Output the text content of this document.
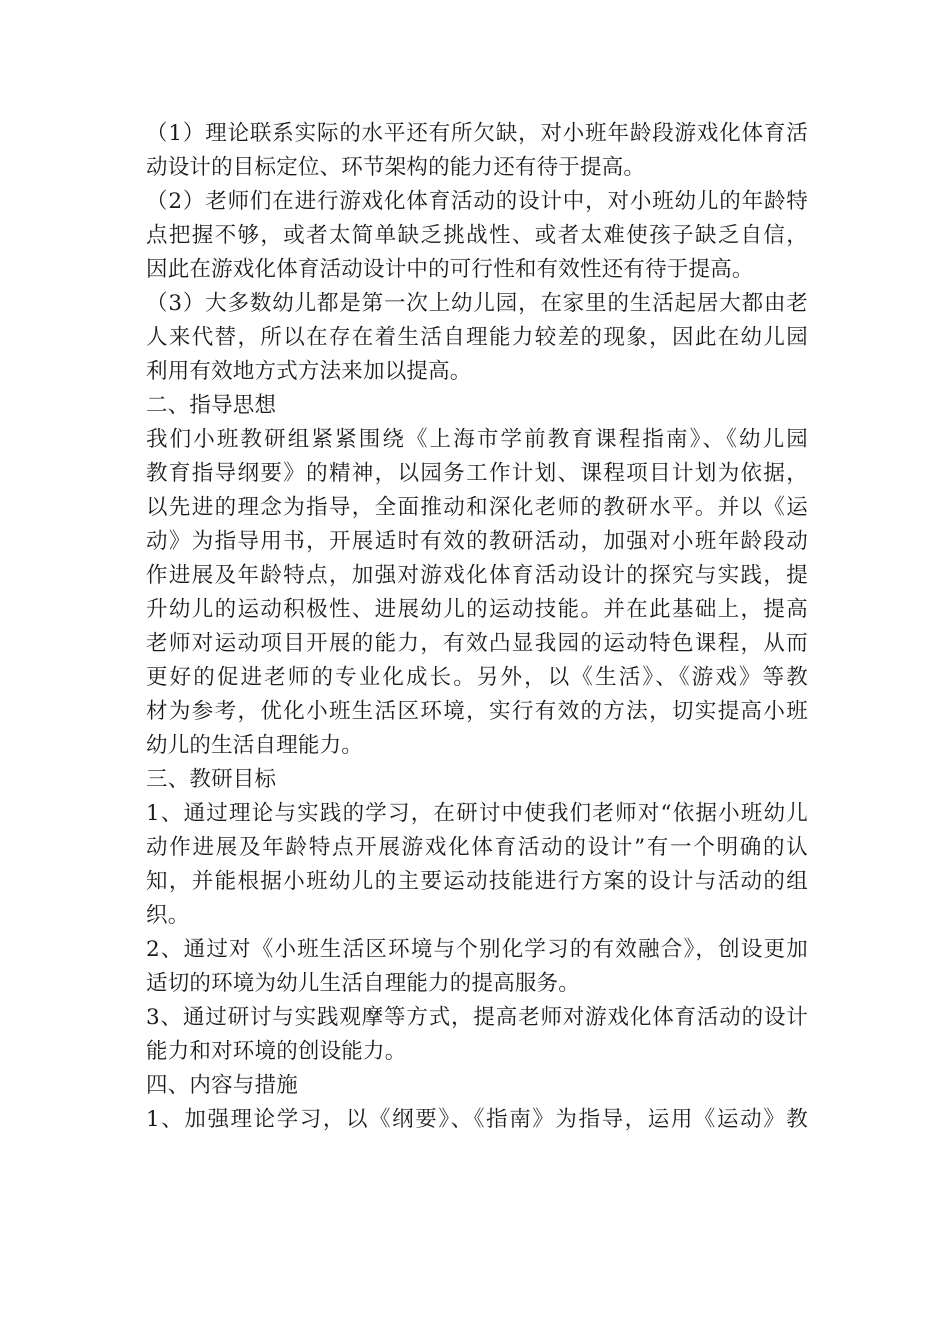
（1）理论联系实际的水平还有所欠缺，对小班年龄段游戏化体育活
动设计的目标定位、环节架构的能力还有待于提高。
（2）老师们在进行游戏化体育活动的设计中，对小班幼儿的年龄特
点把握不够，或者太简单缺乏挑战性、或者太难使孩子缺乏自信，
因此在游戏化体育活动设计中的可行性和有效性还有待于提高。
（3）大多数幼儿都是第一次上幼儿园，在家里的生活起居大都由老
人来代替，所以在存在着生活自理能力较差的现象，因此在幼儿园
利用有效地方式方法来加以提高。
二、指导思想
我们小班教研组紧紧围绕《上海市学前教育课程指南》、《幼儿园
教育指导纲要》的精神，以园务工作计划、课程项目计划为依据，
以先进的理念为指导，全面推动和深化老师的教研水平。并以《运
动》为指导用书，开展适时有效的教研活动，加强对小班年龄段动
作进展及年龄特点，加强对游戏化体育活动设计的探究与实践，提
升幼儿的运动积极性、进展幼儿的运动技能。并在此基础上，提高
老师对运动项目开展的能力，有效凸显我园的运动特色课程，从而
更好的促进老师的专业化成长。另外，以《生活》、《游戏》等教
材为参考，优化小班生活区环境，实行有效的方法，切实提高小班
幼儿的生活自理能力。
三、教研目标
1、通过理论与实践的学习，在研讨中使我们老师对“依据小班幼儿
动作进展及年龄特点开展游戏化体育活动的设计”有一个明确的认
知，并能根据小班幼儿的主要运动技能进行方案的设计与活动的组
织。
2、通过对《小班生活区环境与个别化学习的有效融合》，创设更加
适切的环境为幼儿生活自理能力的提高服务。
3、通过研讨与实践观摩等方式，提高老师对游戏化体育活动的设计
能力和对环境的创设能力。
四、内容与措施
1、加强理论学习，以《纲要》、《指南》为指导，运用《运动》教
